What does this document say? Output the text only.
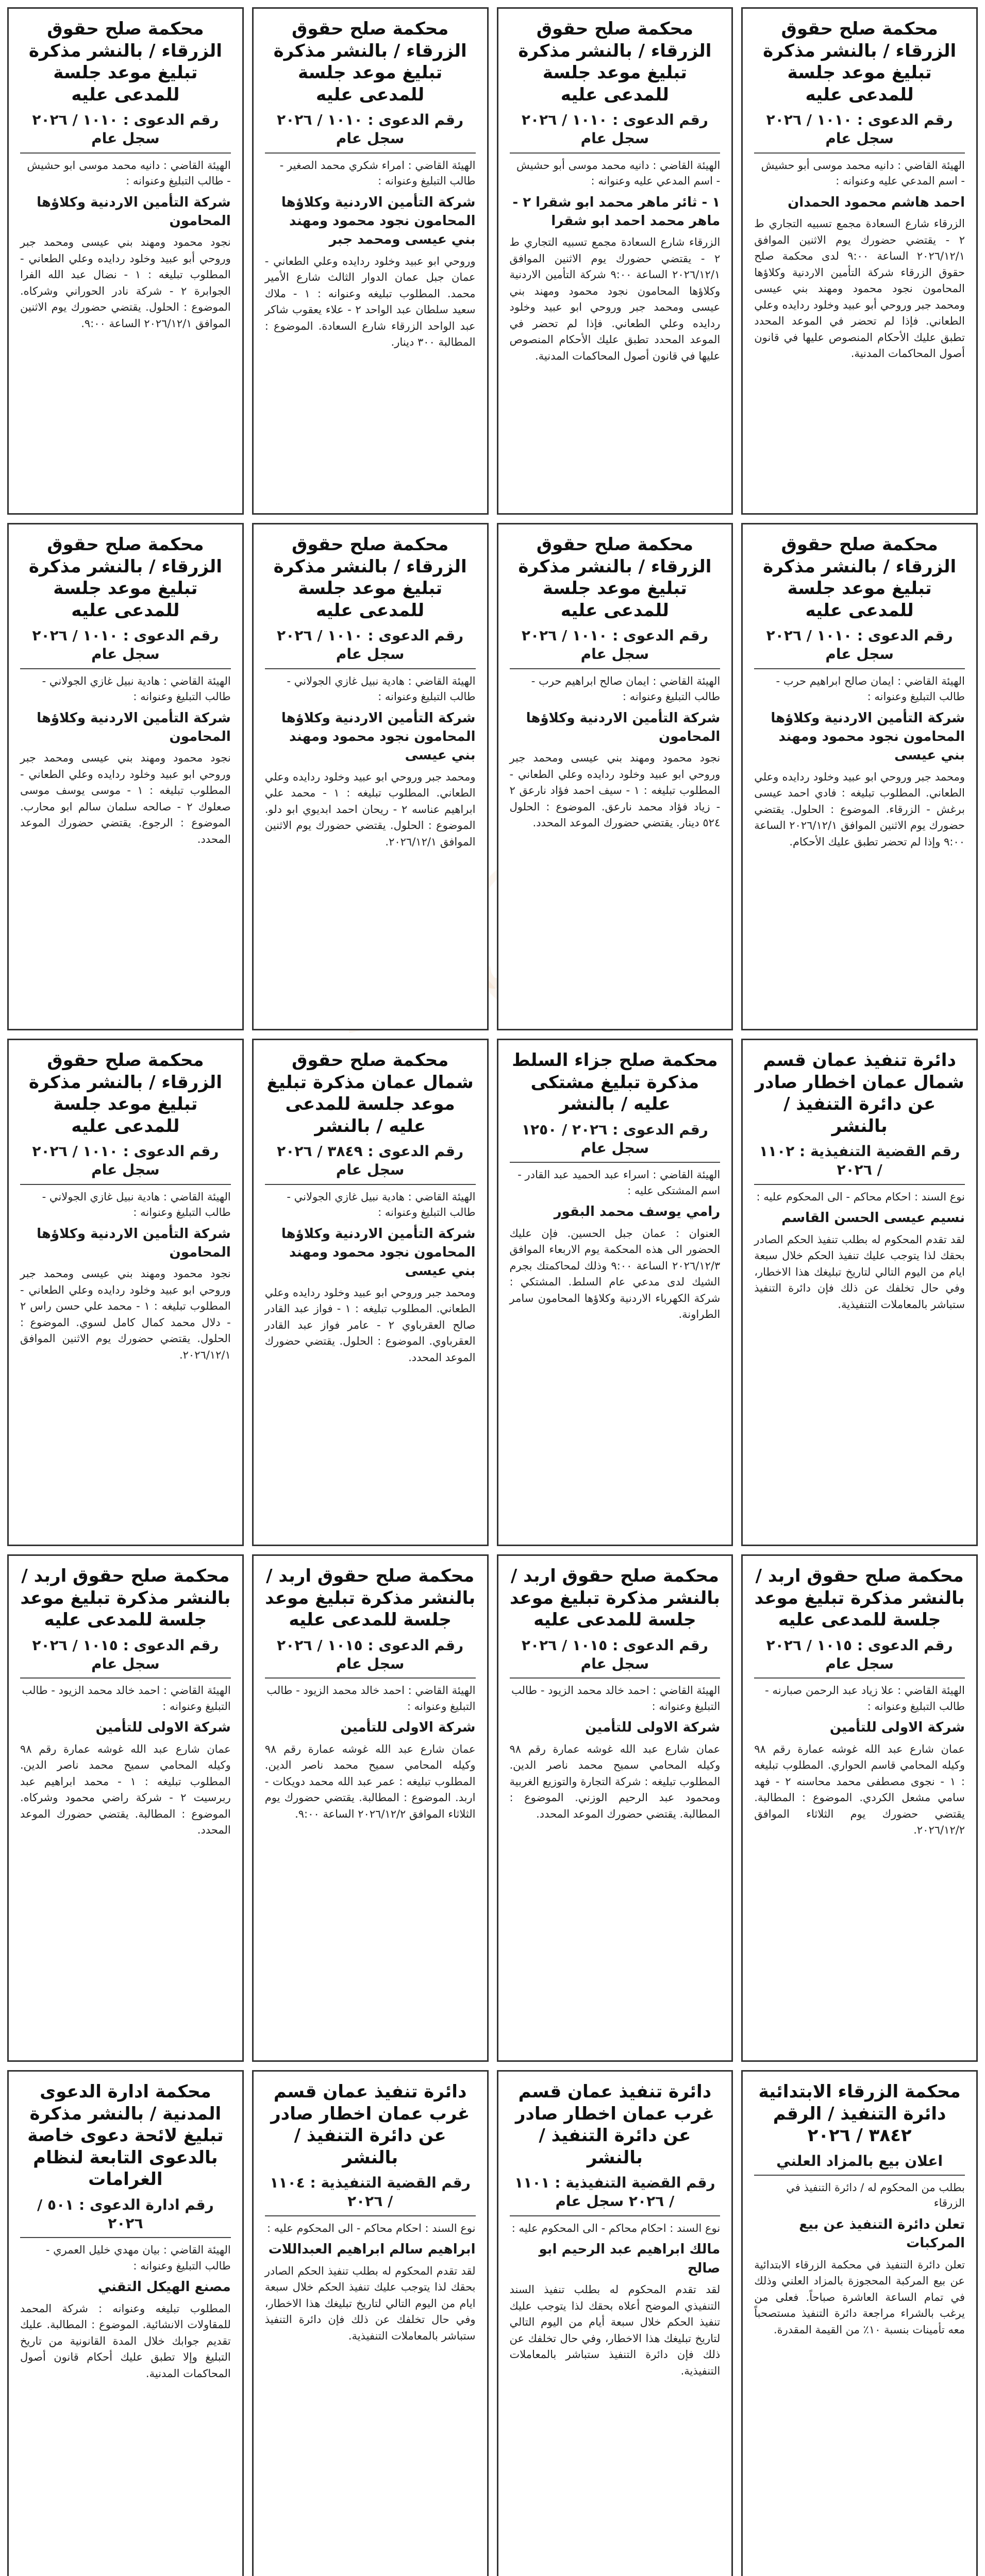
الدستور
محكمة صلح حقوق الزرقاء / بالنشر مذكرة تبليغ موعد جلسة للمدعى عليه
رقم الدعوى : ١٠١٠ / ٢٠٢٦ سجل عام
الهيئة القاضي : دانيه محمد موسى أبو حشيش - اسم المدعي عليه وعنوانه :
احمد هاشم محمود الحمدان

الزرقاء شارع السعادة مجمع تسبيه التجاري ط ٢ - يقتضي حضورك يوم الاثنين الموافق ٢٠٢٦/١٢/١ الساعة ٩:٠٠ لدى محكمة صلح حقوق الزرقاء شركة التأمين الاردنية وكلاؤها المحامون نجود محمود ومهند بني عيسى ومحمد جبر وروحي أبو عبيد وخلود ردايده وعلي الطعاني. فإذا لم تحضر في الموعد المحدد تطبق عليك الأحكام المنصوص عليها في قانون أصول المحاكمات المدنية.

محكمة صلح حقوق الزرقاء / بالنشر مذكرة تبليغ موعد جلسة للمدعى عليه
رقم الدعوى : ١٠١٠ / ٢٠٢٦ سجل عام
الهيئة القاضي : دانيه محمد موسى أبو حشيش - اسم المدعي عليه وعنوانه :
١ - ثائر ماهر محمد ابو شقرا ٢ - ماهر محمد احمد ابو شقرا

الزرقاء شارع السعادة مجمع تسبيه التجاري ط ٢ - يقتضي حضورك يوم الاثنين الموافق ٢٠٢٦/١٢/١ الساعة ٩:٠٠ شركة التأمين الاردنية وكلاؤها المحامون نجود محمود ومهند بني عيسى ومحمد جبر وروحي ابو عبيد وخلود ردايده وعلي الطعاني. فإذا لم تحضر في الموعد المحدد تطبق عليك الأحكام المنصوص عليها في قانون أصول المحاكمات المدنية.

محكمة صلح حقوق الزرقاء / بالنشر مذكرة تبليغ موعد جلسة للمدعى عليه
رقم الدعوى : ١٠١٠ / ٢٠٢٦ سجل عام
الهيئة القاضي : امراء شكري محمد الصغير - طالب التبليغ وعنوانه :
شركة التأمين الاردنية وكلاؤها المحامون نجود محمود ومهند بني عيسى ومحمد جبر

وروحي ابو عبيد وخلود ردايده وعلي الطعاني - عمان جبل عمان الدوار الثالث شارع الأمير محمد. المطلوب تبليغه وعنوانه : ١ - ملاك سعيد سلطان عبد الواحد ٢ - علاء يعقوب شاكر عبد الواحد الزرقاء شارع السعادة. الموضوع : المطالبة ٣٠٠ دينار.

محكمة صلح حقوق الزرقاء / بالنشر مذكرة تبليغ موعد جلسة للمدعى عليه
رقم الدعوى : ١٠١٠ / ٢٠٢٦ سجل عام
الهيئة القاضي : دانيه محمد موسى ابو حشيش - طالب التبليغ وعنوانه :
شركة التأمين الاردنية وكلاؤها المحامون

نجود محمود ومهند بني عيسى ومحمد جبر وروحي أبو عبيد وخلود ردايده وعلي الطعاني - المطلوب تبليغه : ١ - نضال عبد الله الفرا الجوابرة ٢ - شركة نادر الحوراني وشركاه. الموضوع : الحلول. يقتضي حضورك يوم الاثنين الموافق ٢٠٢٦/١٢/١ الساعة ٩:٠٠.

محكمة صلح حقوق الزرقاء / بالنشر مذكرة تبليغ موعد جلسة للمدعى عليه
رقم الدعوى : ١٠١٠ / ٢٠٢٦ سجل عام
الهيئة القاضي : ايمان صالح ابراهيم حرب - طالب التبليغ وعنوانه :
شركة التأمين الاردنية وكلاؤها المحامون نجود محمود ومهند بني عيسى

ومحمد جبر وروحي ابو عبيد وخلود ردايده وعلي الطعاني. المطلوب تبليغه : فادي احمد عيسى برغش - الزرقاء. الموضوع : الحلول. يقتضي حضورك يوم الاثنين الموافق ٢٠٢٦/١٢/١ الساعة ٩:٠٠ وإذا لم تحضر تطبق عليك الأحكام.

محكمة صلح حقوق الزرقاء / بالنشر مذكرة تبليغ موعد جلسة للمدعى عليه
رقم الدعوى : ١٠١٠ / ٢٠٢٦ سجل عام
الهيئة القاضي : ايمان صالح ابراهيم حرب - طالب التبليغ وعنوانه :
شركة التأمين الاردنية وكلاؤها المحامون

نجود محمود ومهند بني عيسى ومحمد جبر وروحي ابو عبيد وخلود ردايده وعلي الطعاني - المطلوب تبليغه : ١ - سيف احمد فؤاد نارعق ٢ - زياد فؤاد محمد نارعق. الموضوع : الحلول ٥٢٤ دينار. يقتضي حضورك الموعد المحدد.

محكمة صلح حقوق الزرقاء / بالنشر مذكرة تبليغ موعد جلسة للمدعى عليه
رقم الدعوى : ١٠١٠ / ٢٠٢٦ سجل عام
الهيئة القاضي : هادية نبيل غازي الجولاني - طالب التبليغ وعنوانه :
شركة التأمين الاردنية وكلاؤها المحامون نجود محمود ومهند بني عيسى

ومحمد جبر وروحي ابو عبيد وخلود ردايده وعلي الطعاني. المطلوب تبليغه : ١ - محمد علي ابراهيم عناسه ٢ - ريحان احمد ابديوي ابو دلو. الموضوع : الحلول. يقتضي حضورك يوم الاثنين الموافق ٢٠٢٦/١٢/١.

محكمة صلح حقوق الزرقاء / بالنشر مذكرة تبليغ موعد جلسة للمدعى عليه
رقم الدعوى : ١٠١٠ / ٢٠٢٦ سجل عام
الهيئة القاضي : هادية نبيل غازي الجولاني - طالب التبليغ وعنوانه :
شركة التأمين الاردنية وكلاؤها المحامون

نجود محمود ومهند بني عيسى ومحمد جبر وروحي ابو عبيد وخلود ردايده وعلي الطعاني - المطلوب تبليغه : ١ - موسى يوسف موسى صعلوك ٢ - صالحه سلمان سالم ابو محارب. الموضوع : الرجوع. يقتضي حضورك الموعد المحدد.

دائرة تنفيذ عمان قسم شمال عمان اخطار صادر عن دائرة التنفيذ / بالنشر
رقم القضية التنفيذية : ١١٠٢ / ٢٠٢٦
نوع السند : احكام محاكم - الى المحكوم عليه :
نسيم عيسى الحسن القاسم

لقد تقدم المحكوم له بطلب تنفيذ الحكم الصادر بحقك لذا يتوجب عليك تنفيذ الحكم خلال سبعة ايام من اليوم التالي لتاريخ تبليغك هذا الاخطار، وفي حال تخلفك عن ذلك فإن دائرة التنفيذ ستباشر بالمعاملات التنفيذية.

محكمة صلح جزاء السلط مذكرة تبليغ مشتكى عليه / بالنشر
رقم الدعوى : ٢٠٢٦ / ١٢٥٠ سجل عام
الهيئة القاضي : اسراء عبد الحميد عبد القادر - اسم المشتكى عليه :
رامي يوسف محمد البقور

العنوان : عمان جبل الحسين. فإن عليك الحضور الى هذه المحكمة يوم الاربعاء الموافق ٢٠٢٦/١٢/٣ الساعة ٩:٠٠ وذلك لمحاكمتك بجرم الشيك لدى مدعي عام السلط. المشتكي : شركة الكهرباء الاردنية وكلاؤها المحامون سامر الطراونة.

محكمة صلح حقوق شمال عمان مذكرة تبليغ موعد جلسة للمدعى عليه / بالنشر
رقم الدعوى : ٣٨٤٩ / ٢٠٢٦ سجل عام
الهيئة القاضي : هادية نبيل غازي الجولاني - طالب التبليغ وعنوانه :
شركة التأمين الاردنية وكلاؤها المحامون نجود محمود ومهند بني عيسى

ومحمد جبر وروحي ابو عبيد وخلود ردايده وعلي الطعاني. المطلوب تبليغه : ١ - فواز عبد القادر صالح العقرباوي ٢ - عامر فواز عبد القادر العقرباوي. الموضوع : الحلول. يقتضي حضورك الموعد المحدد.

محكمة صلح حقوق الزرقاء / بالنشر مذكرة تبليغ موعد جلسة للمدعى عليه
رقم الدعوى : ١٠١٠ / ٢٠٢٦ سجل عام
الهيئة القاضي : هادية نبيل غازي الجولاني - طالب التبليغ وعنوانه :
شركة التأمين الاردنية وكلاؤها المحامون

نجود محمود ومهند بني عيسى ومحمد جبر وروحي ابو عبيد وخلود ردايده وعلي الطعاني - المطلوب تبليغه : ١ - محمد علي حسن راس ٢ - دلال محمد كمال كامل لسوي. الموضوع : الحلول. يقتضي حضورك يوم الاثنين الموافق ٢٠٢٦/١٢/١.

محكمة صلح حقوق اربد / بالنشر مذكرة تبليغ موعد جلسة للمدعى عليه
رقم الدعوى : ١٠١٥ / ٢٠٢٦ سجل عام
الهيئة القاضي : علا زياد عبد الرحمن صبارنه - طالب التبليغ وعنوانه :
شركة الاولى للتأمين

عمان شارع عبد الله غوشه عمارة رقم ٩٨ وكيله المحامي قاسم الحواري. المطلوب تبليغه : ١ - نجوى مصطفى محمد محاسنه ٢ - فهد سامي مشعل الكردي. الموضوع : المطالبة. يقتضي حضورك يوم الثلاثاء الموافق ٢٠٢٦/١٢/٢.

محكمة صلح حقوق اربد / بالنشر مذكرة تبليغ موعد جلسة للمدعى عليه
رقم الدعوى : ١٠١٥ / ٢٠٢٦ سجل عام
الهيئة القاضي : احمد خالد محمد الزيود - طالب التبليغ وعنوانه :
شركة الاولى للتأمين

عمان شارع عبد الله غوشه عمارة رقم ٩٨ وكيله المحامي سميح محمد ناصر الدين. المطلوب تبليغه : شركة التجارة والتوزيع الغربية ومحمود عبد الرحيم الوزني. الموضوع : المطالبة. يقتضي حضورك الموعد المحدد.

محكمة صلح حقوق اربد / بالنشر مذكرة تبليغ موعد جلسة للمدعى عليه
رقم الدعوى : ١٠١٥ / ٢٠٢٦ سجل عام
الهيئة القاضي : احمد خالد محمد الزيود - طالب التبليغ وعنوانه :
شركة الاولى للتأمين

عمان شارع عبد الله غوشه عمارة رقم ٩٨ وكيله المحامي سميح محمد ناصر الدين. المطلوب تبليغه : عمر عبد الله محمد دويكات - اربد. الموضوع : المطالبة. يقتضي حضورك يوم الثلاثاء الموافق ٢٠٢٦/١٢/٢ الساعة ٩:٠٠.

محكمة صلح حقوق اربد / بالنشر مذكرة تبليغ موعد جلسة للمدعى عليه
رقم الدعوى : ١٠١٥ / ٢٠٢٦ سجل عام
الهيئة القاضي : احمد خالد محمد الزيود - طالب التبليغ وعنوانه :
شركة الاولى للتأمين

عمان شارع عبد الله غوشه عمارة رقم ٩٨ وكيله المحامي سميح محمد ناصر الدين. المطلوب تبليغه : ١ - محمد ابراهيم عبد ربرسيت ٢ - شركة راضي محمود وشركاه. الموضوع : المطالبة. يقتضي حضورك الموعد المحدد.

محكمة الزرقاء الابتدائية دائرة التنفيذ / الرقم ٣٨٤٢ / ٢٠٢٦
اعلان بيع بالمزاد العلني
بطلب من المحكوم له / دائرة التنفيذ في الزرقاء
تعلن دائرة التنفيذ عن بيع المركبات

تعلن دائرة التنفيذ في محكمة الزرقاء الابتدائية عن بيع المركبة المحجوزة بالمزاد العلني وذلك في تمام الساعة العاشرة صباحاً. فعلى من يرغب بالشراء مراجعة دائرة التنفيذ مستصحباً معه تأمينات بنسبة ١٠٪ من القيمة المقدرة.

دائرة تنفيذ عمان قسم غرب عمان اخطار صادر عن دائرة التنفيذ / بالنشر
رقم القضية التنفيذية : ١١٠١ / ٢٠٢٦ سجل عام
نوع السند : احكام محاكم - الى المحكوم عليه :
مالك ابراهيم عبد الرحيم ابو صالح

لقد تقدم المحكوم له بطلب تنفيذ السند التنفيذي الموضح أعلاه بحقك لذا يتوجب عليك تنفيذ الحكم خلال سبعة أيام من اليوم التالي لتاريخ تبليغك هذا الاخطار، وفي حال تخلفك عن ذلك فإن دائرة التنفيذ ستباشر بالمعاملات التنفيذية.

دائرة تنفيذ عمان قسم غرب عمان اخطار صادر عن دائرة التنفيذ / بالنشر
رقم القضية التنفيذية : ١١٠٤ / ٢٠٢٦
نوع السند : احكام محاكم - الى المحكوم عليه :
ابراهيم سالم ابراهيم العبداللات

لقد تقدم المحكوم له بطلب تنفيذ الحكم الصادر بحقك لذا يتوجب عليك تنفيذ الحكم خلال سبعة ايام من اليوم التالي لتاريخ تبليغك هذا الاخطار، وفي حال تخلفك عن ذلك فإن دائرة التنفيذ ستباشر بالمعاملات التنفيذية.

محكمة ادارة الدعوى المدنية / بالنشر مذكرة تبليغ لائحة دعوى خاصة بالدعوى التابعة لنظام الغرامات
رقم ادارة الدعوى : ٥٠١ / ٢٠٢٦
الهيئة القاضي : بيان مهدي خليل العمري - طالب التبليغ وعنوانه :
مصنع الهيكل التقني

المطلوب تبليغه وعنوانه : شركة المحمد للمقاولات الانشائية. الموضوع : المطالبة. عليك تقديم جوابك خلال المدة القانونية من تاريخ التبليغ وإلا تطبق عليك أحكام قانون أصول المحاكمات المدنية.
